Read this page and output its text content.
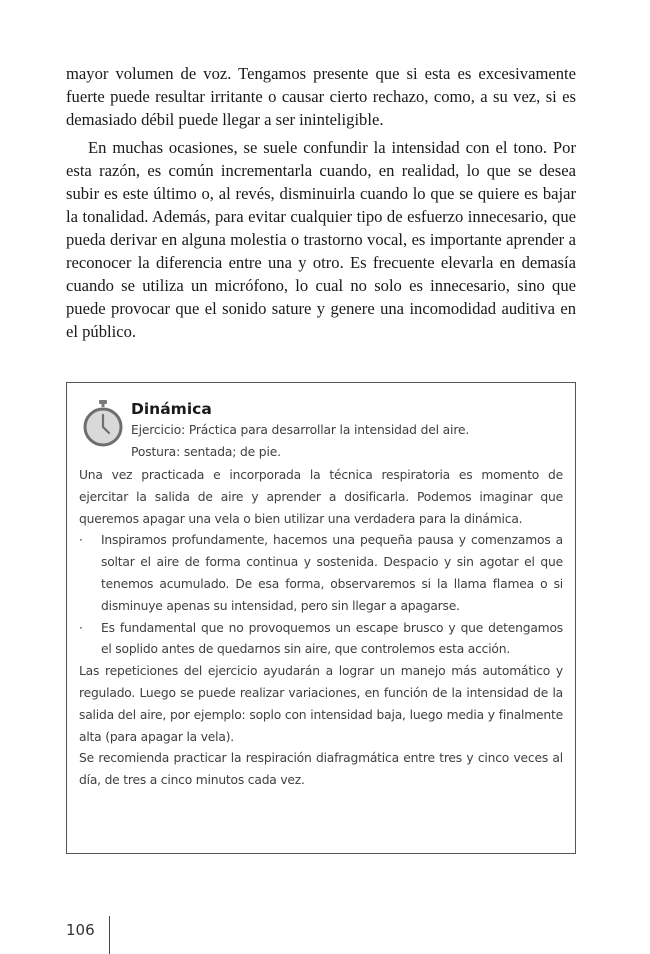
mayor volumen de voz. Tengamos presente que si esta es excesivamente fuerte puede resultar irritante o causar cierto rechazo, como, a su vez, si es demasiado débil puede llegar a ser ininteligible.

En muchas ocasiones, se suele confundir la intensidad con el tono. Por esta razón, es común incrementarla cuando, en realidad, lo que se desea subir es este último o, al revés, disminuirla cuando lo que se quiere es bajar la tonalidad. Además, para evitar cualquier tipo de esfuerzo innecesario, que pueda derivar en alguna molestia o trastorno vocal, es importante aprender a reconocer la diferencia entre una y otro. Es frecuente elevarla en demasía cuando se utiliza un micrófono, lo cual no solo es innecesario, sino que puede provocar que el sonido sature y genere una incomodidad auditiva en el público.

Dinámica
Ejercicio: Práctica para desarrollar la intensidad del aire.
Postura: sentada; de pie.

Una vez practicada e incorporada la técnica respiratoria es momento de ejercitar la salida de aire y aprender a dosificarla. Podemos imaginar que queremos apagar una vela o bien utilizar una verdadera para la dinámica.

· Inspiramos profundamente, hacemos una pequeña pausa y comenzamos a soltar el aire de forma continua y sostenida. Despacio y sin agotar el que tenemos acumulado. De esa forma, observaremos si la llama flamea o si disminuye apenas su intensidad, pero sin llegar a apagarse.
· Es fundamental que no provoquemos un escape brusco y que detengamos el soplido antes de quedarnos sin aire, que controlemos esta acción.

Las repeticiones del ejercicio ayudarán a lograr un manejo más automático y regulado. Luego se puede realizar variaciones, en función de la intensidad de la salida del aire, por ejemplo: soplo con intensidad baja, luego media y finalmente alta (para apagar la vela).

Se recomienda practicar la respiración diafragmática entre tres y cinco veces al día, de tres a cinco minutos cada vez.

106
